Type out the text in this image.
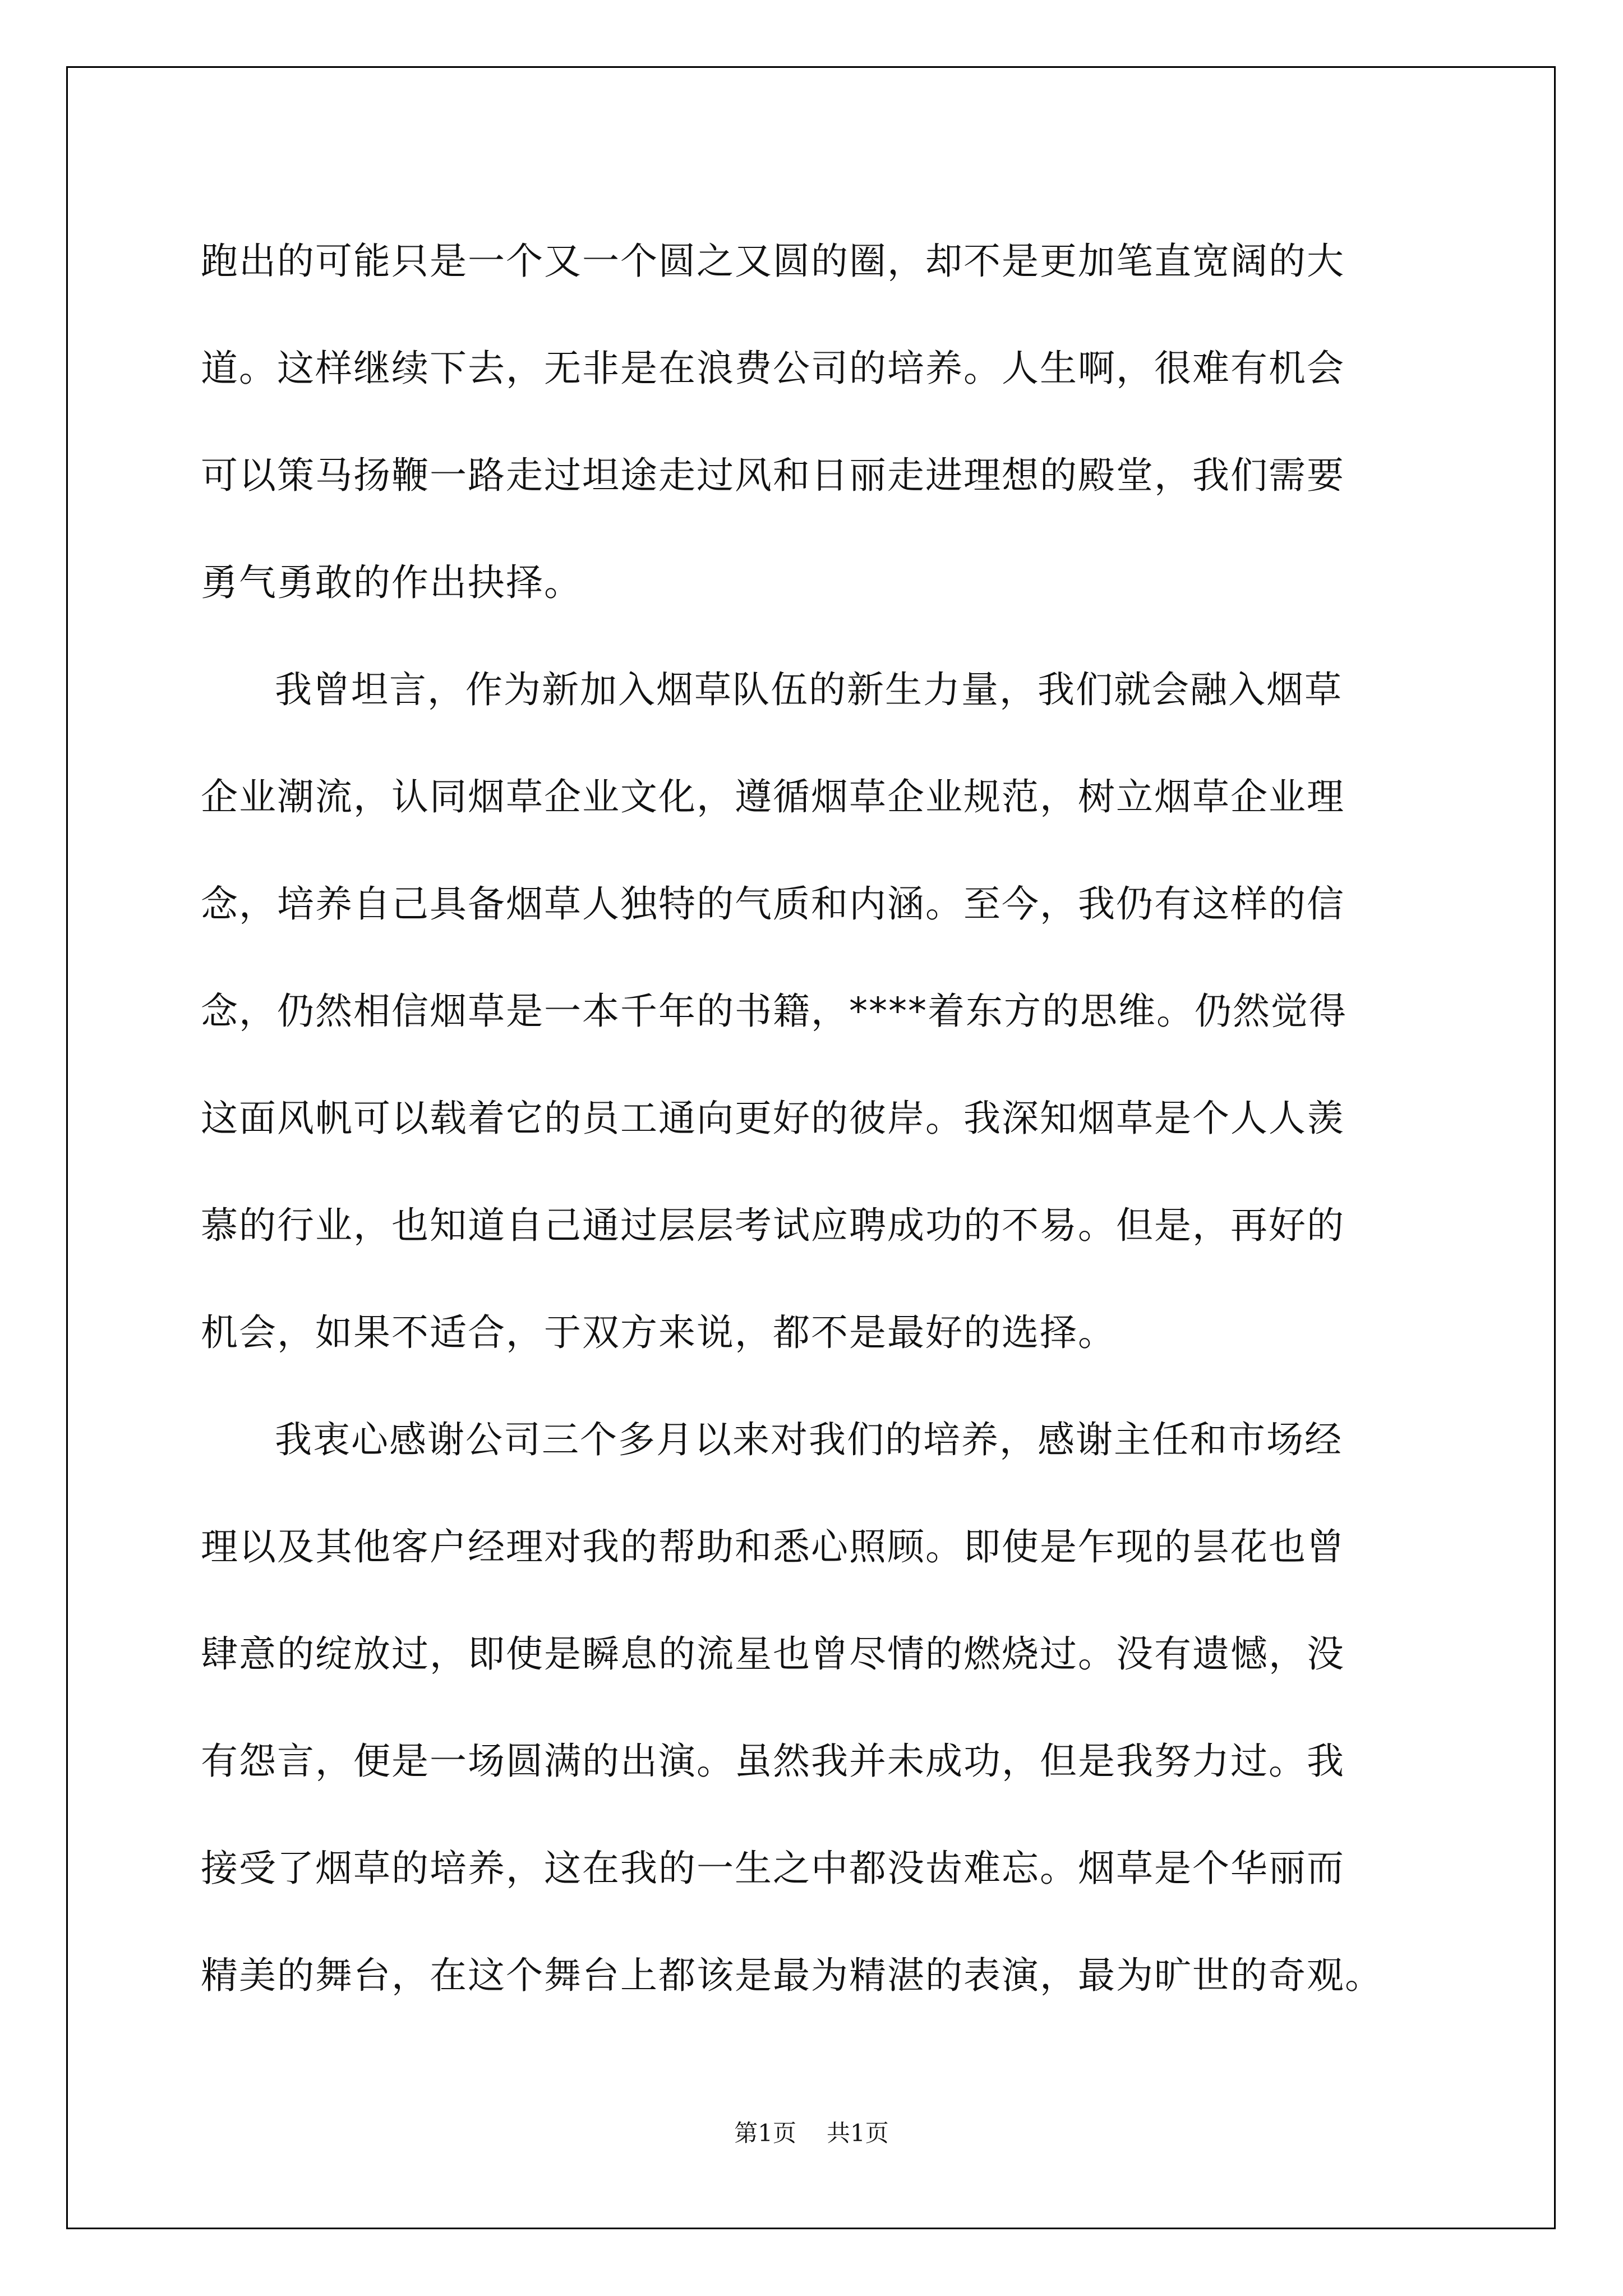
跑出的可能只是一个又一个圆之又圆的圈，却不是更加笔直宽阔的大
道。这样继续下去，无非是在浪费公司的培养。人生啊，很难有机会
可以策马扬鞭一路走过坦途走过风和日丽走进理想的殿堂，我们需要
勇气勇敢的作出抉择。
我曾坦言，作为新加入烟草队伍的新生力量，我们就会融入烟草
企业潮流，认同烟草企业文化，遵循烟草企业规范，树立烟草企业理
念，培养自己具备烟草人独特的气质和内涵。至今，我仍有这样的信
念，仍然相信烟草是一本千年的书籍，****着东方的思维。仍然觉得
这面风帆可以载着它的员工通向更好的彼岸。我深知烟草是个人人羡
慕的行业，也知道自己通过层层考试应聘成功的不易。但是，再好的
机会，如果不适合，于双方来说，都不是最好的选择。
我衷心感谢公司三个多月以来对我们的培养，感谢主任和市场经
理以及其他客户经理对我的帮助和悉心照顾。即使是乍现的昙花也曾
肆意的绽放过，即使是瞬息的流星也曾尽情的燃烧过。没有遗憾，没
有怨言，便是一场圆满的出演。虽然我并未成功，但是我努力过。我
接受了烟草的培养，这在我的一生之中都没齿难忘。烟草是个华丽而
精美的舞台，在这个舞台上都该是最为精湛的表演，最为旷世的奇观。
第1页 共1页
